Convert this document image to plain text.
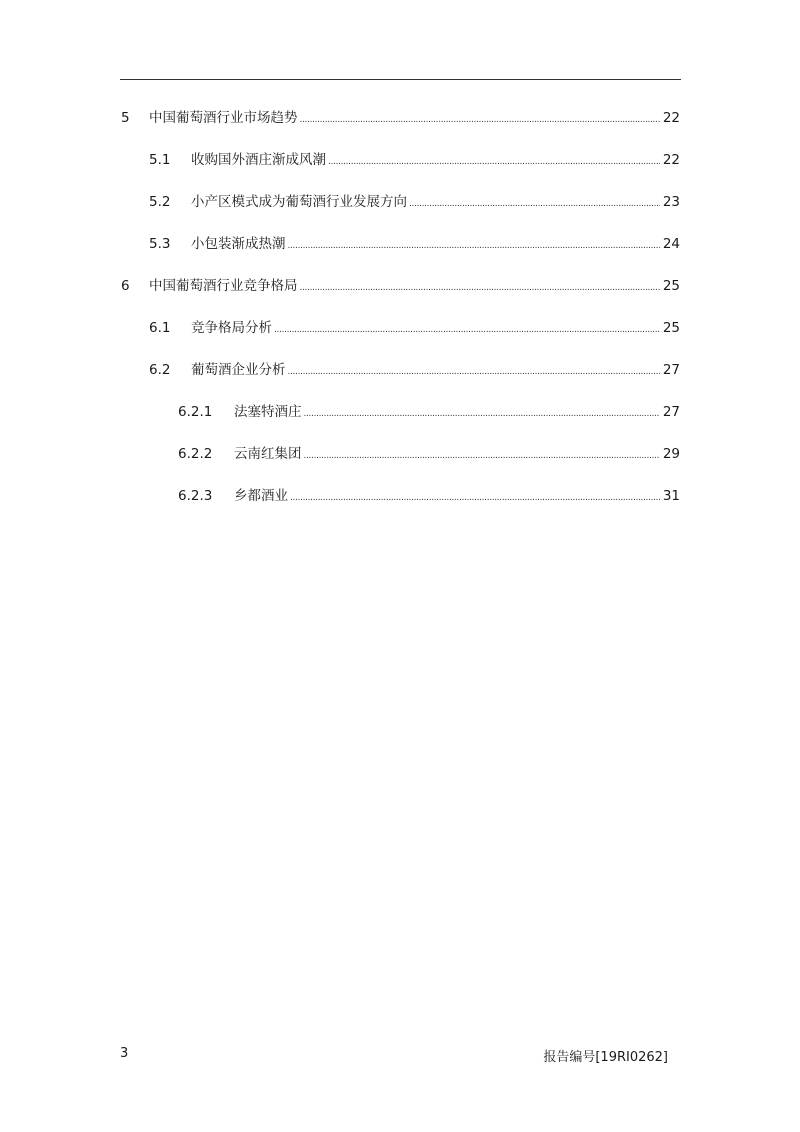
5	中国葡萄酒行业市场趋势 . . .	22
5.1	收购国外酒庄渐成风潮 . . .	22
5.2	小产区模式成为葡萄酒行业发展方向 . . .	23
5.3	小包装渐成热潮 . . .	24
6	中国葡萄酒行业竞争格局 . . .	25
6.1	竞争格局分析 . . .	25
6.2	葡萄酒企业分析 . . .	27
6.2.1	法塞特酒庄 . . .	27
6.2.2	云南红集团 . . .	29
6.2.3	乡都酒业 . . .	31
3	报告编号[19RI0262]
